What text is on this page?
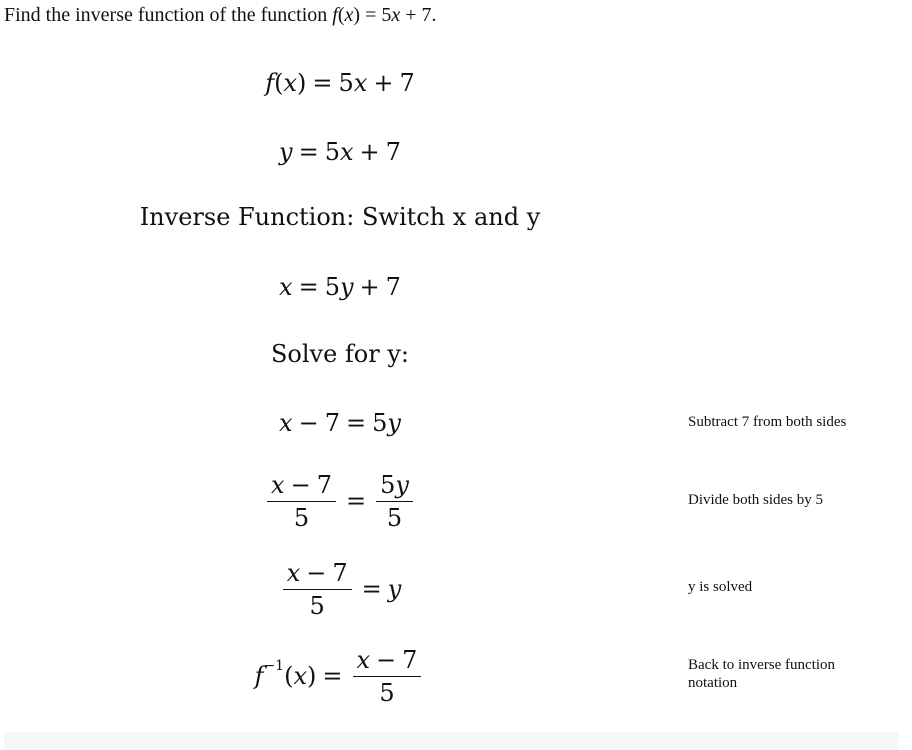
Find the inverse function of the function f(x) = 5x + 7.
f ( x ) = 5 x + 7
y = 5 x + 7
Inverse Function: Switch x and y
x = 5 y + 7
Solve for y:
x − 7 = 5 y	Subtract 7 from both sides
$\frac{x - 7}{5} = \frac{5y}{5}$	Divide both sides by 5
$\frac{x - 7}{5} = y$	y is solved
f −1 ( x ) = $\frac{x - 7}{5}$	Back to inverse function notation
